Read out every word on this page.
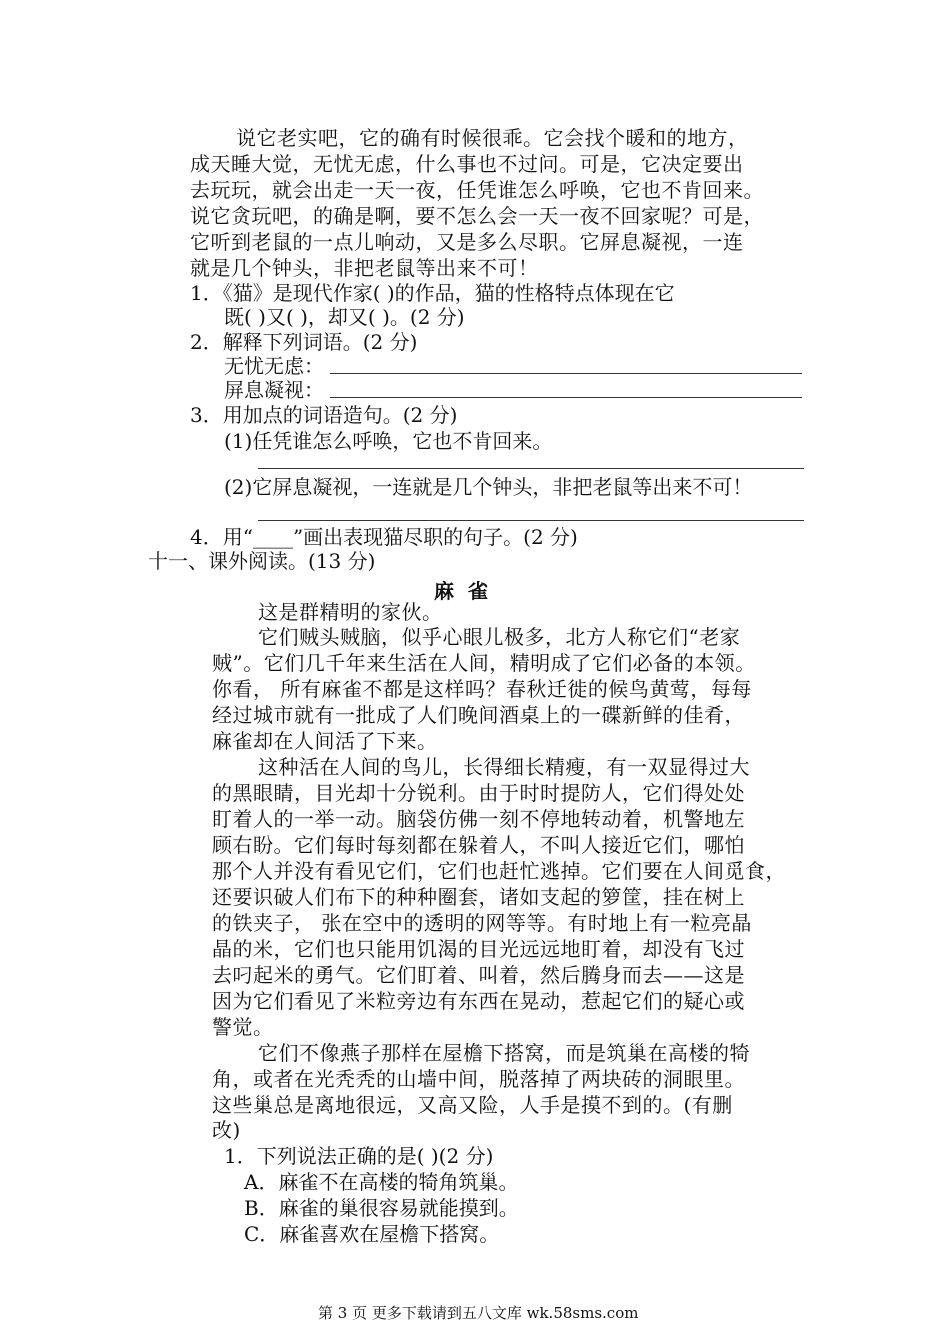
说它老实吧，它的确有时候很乖。它会找个暖和的地方，
成天睡大觉，无忧无虑，什么事也不过问。可是，它决定要出
去玩玩，就会出走一天一夜，任凭谁怎么呼唤，它也不肯回来。
说它贪玩吧，的确是啊，要不怎么会一天一夜不回家呢？可是，
它听到老鼠的一点儿响动，又是多么尽职。它屏息凝视，一连
就是几个钟头，非把老鼠等出来不可！
1．《猫》是现代作家( )的作品，猫的性格特点体现在它
既( )又( )，却又( )。(2 分)
2．解释下列词语。(2 分)
无忧无虑：
屏息凝视：
3．用加点的词语造句。(2 分)
(1)任凭谁怎么呼唤，它也不肯回来。
(2)它屏息凝视，一连就是几个钟头，非把老鼠等出来不可！
4．用“____”画出表现猫尽职的句子。(2 分)
十一、课外阅读。(13 分)
麻雀
这是群精明的家伙。
它们贼头贼脑，似乎心眼儿极多，北方人称它们“老家
贼”。它们几千年来生活在人间，精明成了它们必备的本领。
你看， 所有麻雀不都是这样吗？春秋迁徙的候鸟黄莺，每每
经过城市就有一批成了人们晚间酒桌上的一碟新鲜的佳肴，
麻雀却在人间活了下来。
这种活在人间的鸟儿，长得细长精瘦，有一双显得过大
的黑眼睛，目光却十分锐利。由于时时提防人，它们得处处
盯着人的一举一动。脑袋仿佛一刻不停地转动着，机警地左
顾右盼。它们每时每刻都在躲着人，不叫人接近它们，哪怕
那个人并没有看见它们，它们也赶忙逃掉。它们要在人间觅食，
还要识破人们布下的种种圈套，诸如支起的箩筐，挂在树上
的铁夹子， 张在空中的透明的网等等。有时地上有一粒亮晶
晶的米，它们也只能用饥渴的目光远远地盯着，却没有飞过
去叼起米的勇气。它们盯着、叫着，然后腾身而去——这是
因为它们看见了米粒旁边有东西在晃动，惹起它们的疑心或
警觉。
它们不像燕子那样在屋檐下搭窝，而是筑巢在高楼的犄
角，或者在光秃秃的山墙中间，脱落掉了两块砖的洞眼里。
这些巢总是离地很远，又高又险，人手是摸不到的。(有删
改)
1．下列说法正确的是( )(2 分)
A．麻雀不在高楼的犄角筑巢。
B．麻雀的巢很容易就能摸到。
C．麻雀喜欢在屋檐下搭窝。
第 3 页 更多下载请到五八文库 wk.58sms.com
